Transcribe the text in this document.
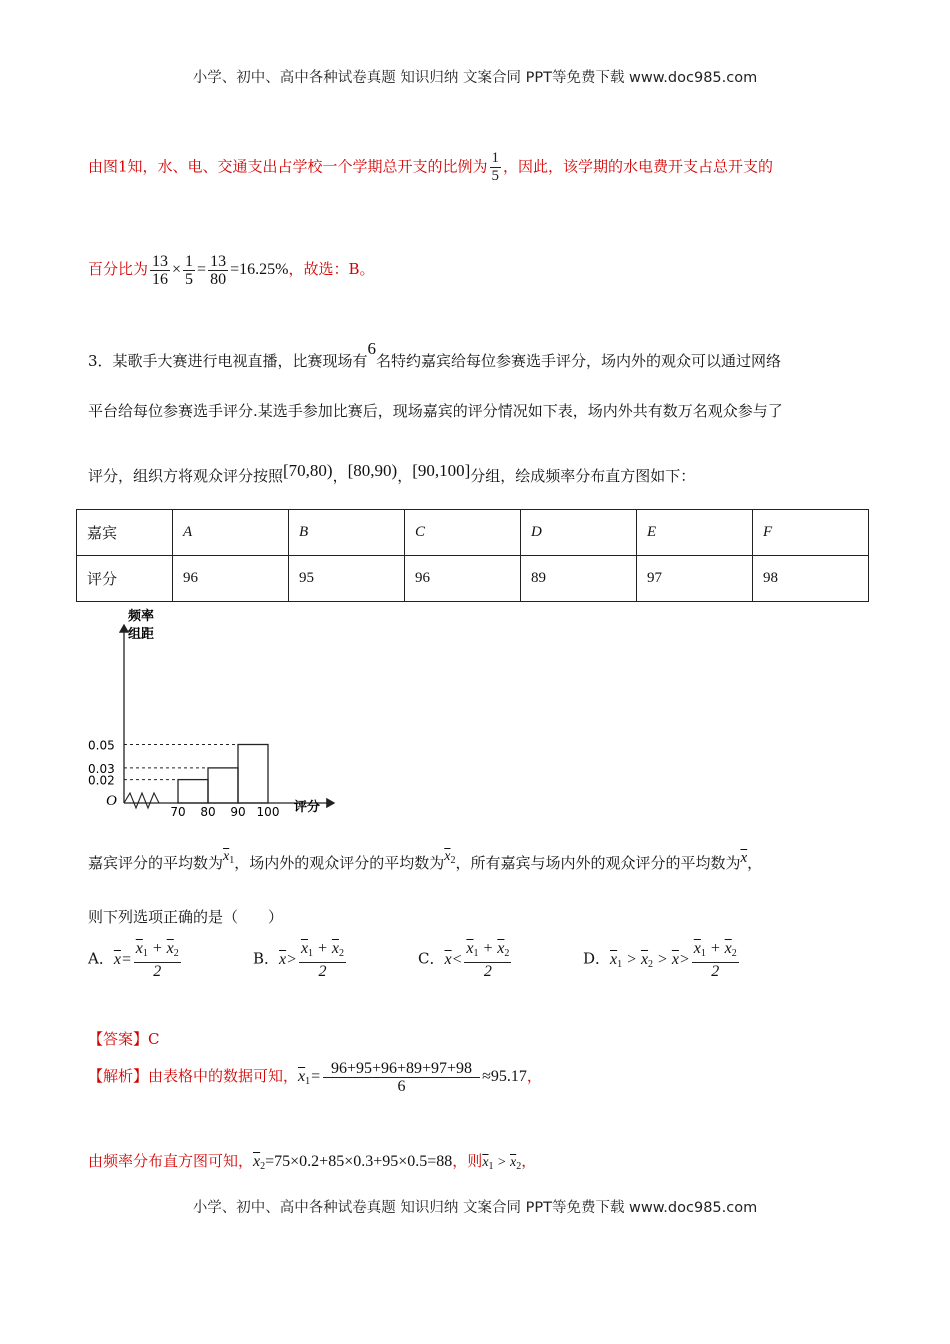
小学、初中、高中各种试卷真题 知识归纳 文案合同 PPT等免费下载 www.doc985.com
由图1知，水、电、交通支出占学校一个学期总开支的比例为 $\frac{1}{5}$ ，因此，该学期的水电费开支占总开支的
百分比为 $\frac{13}{16} \times \frac{1}{5} = \frac{13}{80} =16.25\%$，故选：B。
3．某歌手大赛进行电视直播，比赛现场有6名特约嘉宾给每位参赛选手评分，场内外的观众可以通过网络
平台给每位参赛选手评分.某选手参加比赛后，现场嘉宾的评分情况如下表，场内外共有数万名观众参与了
评分，组织方将观众评分按照[70,80)，[80,90)，[90,100]分组，绘成频率分布直方图如下：
嘉宾	A	B	C	D	E	F
评分	96	95	96	89	97	98
O
频率
组距
评分
0.05
0.03
0.02
70 80 90 100
嘉宾评分的平均数为$\overline{x}_1$，场内外的观众评分的平均数为$\overline{x}_2$，所有嘉宾与场内外的观众评分的平均数为$\overline{x}$，
则下列选项正确的是（　　）
A．$\overline{x}= \frac{\overline{x}_1 + \overline{x}_2}{2}$	B．$\overline{x}> \frac{\overline{x}_1 + \overline{x}_2}{2}$	C．$\overline{x}< \frac{\overline{x}_1 + \overline{x}_2}{2}$	D．$\overline{x}_1 > \overline{x}_2 > \overline{x}> \frac{\overline{x}_1 + \overline{x}_2}{2}$
【答案】C
【解析】由表格中的数据可知，$\overline{x}_1= \frac{96+95+96+89+97+98}{6} \approx 95.17$，
由频率分布直方图可知，$\overline{x}_2=75\times 0.2+85\times 0.3+95\times 0.5=88$，则$\overline{x}_1 > \overline{x}_2$，
小学、初中、高中各种试卷真题 知识归纳 文案合同 PPT等免费下载 www.doc985.com
